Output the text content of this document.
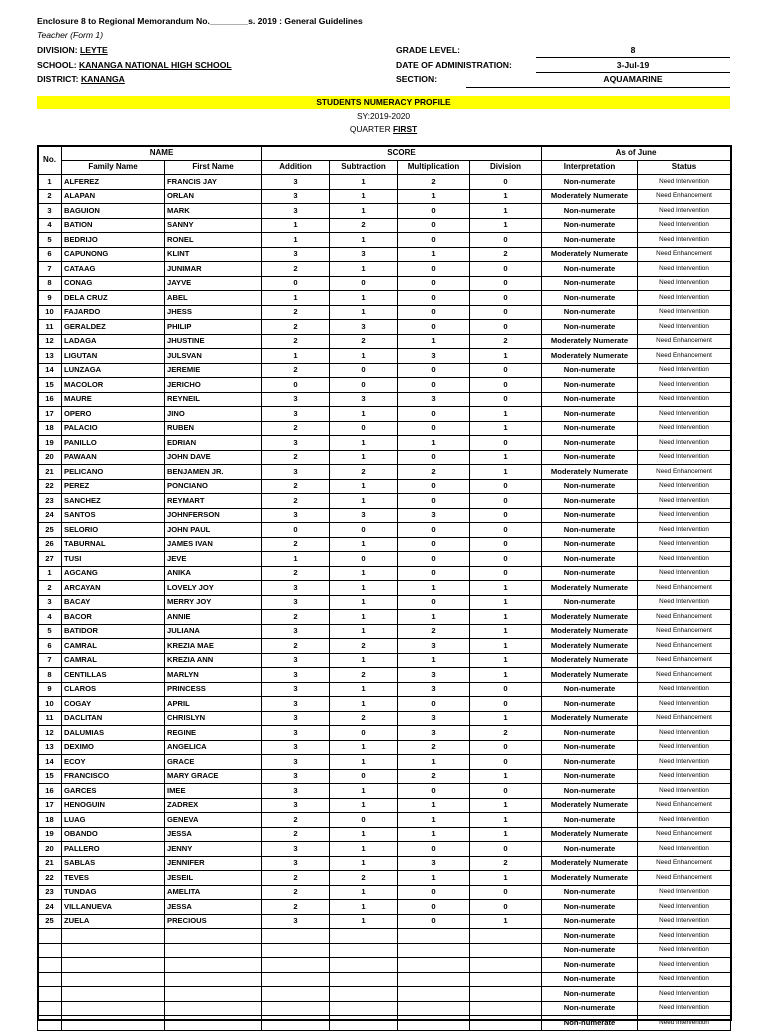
Enclosure 8 to Regional Memorandum No.________s. 2019 : General Guidelines
Teacher (Form 1)
DIVISION: LEYTE
SCHOOL: KANANGA NATIONAL HIGH SCHOOL
DISTRICT: KANANGA
GRADE LEVEL:	8
DATE OF ADMINISTRATION:	3-Jul-19
SECTION:	AQUAMARINE
STUDENTS NUMERACY PROFILE
SY:2019-2020
QUARTER FIRST
No.	NAME		SCORE				As of June	
	Family Name	First Name	Addition	Subtraction	Multiplication	Division	Interpretation	Status
1	ALFEREZ	FRANCIS JAY	3	1	2	0	Non-numerate	Need Intervention
2	ALAPAN	ORLAN	3	1	1	1	Moderately Numerate	Need Enhancement
3	BAGUION	MARK	3	1	0	1	Non-numerate	Need Intervention
4	BATION	SANNY	1	2	0	1	Non-numerate	Need Intervention
5	BEDRIJO	RONEL	1	1	0	0	Non-numerate	Need Intervention
6	CAPUNONG	KLINT	3	3	1	2	Moderately Numerate	Need Enhancement
7	CATAAG	JUNIMAR	2	1	0	0	Non-numerate	Need Intervention
8	CONAG	JAYVE	0	0	0	0	Non-numerate	Need Intervention
9	DELA CRUZ	ABEL	1	1	0	0	Non-numerate	Need Intervention
10	FAJARDO	JHESS	2	1	0	0	Non-numerate	Need Intervention
11	GERALDEZ	PHILIP	2	3	0	0	Non-numerate	Need Intervention
12	LADAGA	JHUSTINE	2	2	1	2	Moderately Numerate	Need Enhancement
13	LIGUTAN	JULSVAN	1	1	3	1	Moderately Numerate	Need Enhancement
14	LUNZAGA	JEREMIE	2	0	0	0	Non-numerate	Need Intervention
15	MACOLOR	JERICHO	0	0	0	0	Non-numerate	Need Intervention
16	MAURE	REYNEIL	3	3	3	0	Non-numerate	Need Intervention
17	OPERO	JINO	3	1	0	1	Non-numerate	Need Intervention
18	PALACIO	RUBEN	2	0	0	1	Non-numerate	Need Intervention
19	PANILLO	EDRIAN	3	1	1	0	Non-numerate	Need Intervention
20	PAWAAN	JOHN DAVE	2	1	0	1	Non-numerate	Need Intervention
21	PELICANO	BENJAMEN JR.	3	2	2	1	Moderately Numerate	Need Enhancement
22	PEREZ	PONCIANO	2	1	0	0	Non-numerate	Need Intervention
23	SANCHEZ	REYMART	2	1	0	0	Non-numerate	Need Intervention
24	SANTOS	JOHNFERSON	3	3	3	0	Non-numerate	Need Intervention
25	SELORIO	JOHN PAUL	0	0	0	0	Non-numerate	Need Intervention
26	TABURNAL	JAMES IVAN	2	1	0	0	Non-numerate	Need Intervention
27	TUSI	JEVE	1	0	0	0	Non-numerate	Need Intervention
1	AGCANG	ANIKA	2	1	0	0	Non-numerate	Need Intervention
2	ARCAYAN	LOVELY JOY	3	1	1	1	Moderately Numerate	Need Enhancement
3	BACAY	MERRY JOY	3	1	0	1	Non-numerate	Need Intervention
4	BACOR	ANNIE	2	1	1	1	Moderately Numerate	Need Enhancement
5	BATIDOR	JULIANA	3	1	2	1	Moderately Numerate	Need Enhancement
6	CAMRAL	KREZIA MAE	2	2	3	1	Moderately Numerate	Need Enhancement
7	CAMRAL	KREZIA ANN	3	1	1	1	Moderately Numerate	Need Enhancement
8	CENTILLAS	MARLYN	3	2	3	1	Moderately Numerate	Need Enhancement
9	CLAROS	PRINCESS	3	1	3	0	Non-numerate	Need Intervention
10	COGAY	APRIL	3	1	0	0	Non-numerate	Need Intervention
11	DACLITAN	CHRISLYN	3	2	3	1	Moderately Numerate	Need Enhancement
12	DALUMIAS	REGINE	3	0	3	2	Non-numerate	Need Intervention
13	DEXIMO	ANGELICA	3	1	2	0	Non-numerate	Need Intervention
14	ECOY	GRACE	3	1	1	0	Non-numerate	Need Intervention
15	FRANCISCO	MARY GRACE	3	0	2	1	Non-numerate	Need Intervention
16	GARCES	IMEE	3	1	0	0	Non-numerate	Need Intervention
17	HENOGUIN	ZADREX	3	1	1	1	Moderately Numerate	Need Enhancement
18	LUAG	GENEVA	2	0	1	1	Non-numerate	Need Intervention
19	OBANDO	JESSA	2	1	1	1	Moderately Numerate	Need Enhancement
20	PALLERO	JENNY	3	1	0	0	Non-numerate	Need Intervention
21	SABLAS	JENNIFER	3	1	3	2	Moderately Numerate	Need Enhancement
22	TEVES	JESEIL	2	2	1	1	Moderately Numerate	Need Enhancement
23	TUNDAG	AMELITA	2	1	0	0	Non-numerate	Need Intervention
24	VILLANUEVA	JESSA	2	1	0	0	Non-numerate	Need Intervention
25	ZUELA	PRECIOUS	3	1	0	1	Non-numerate	Need Intervention
							Non-numerate	Need Intervention
							Non-numerate	Need Intervention
							Non-numerate	Need Intervention
							Non-numerate	Need Intervention
							Non-numerate	Need Intervention
							Non-numerate	Need Intervention
							Non-numerate	Need Intervention
